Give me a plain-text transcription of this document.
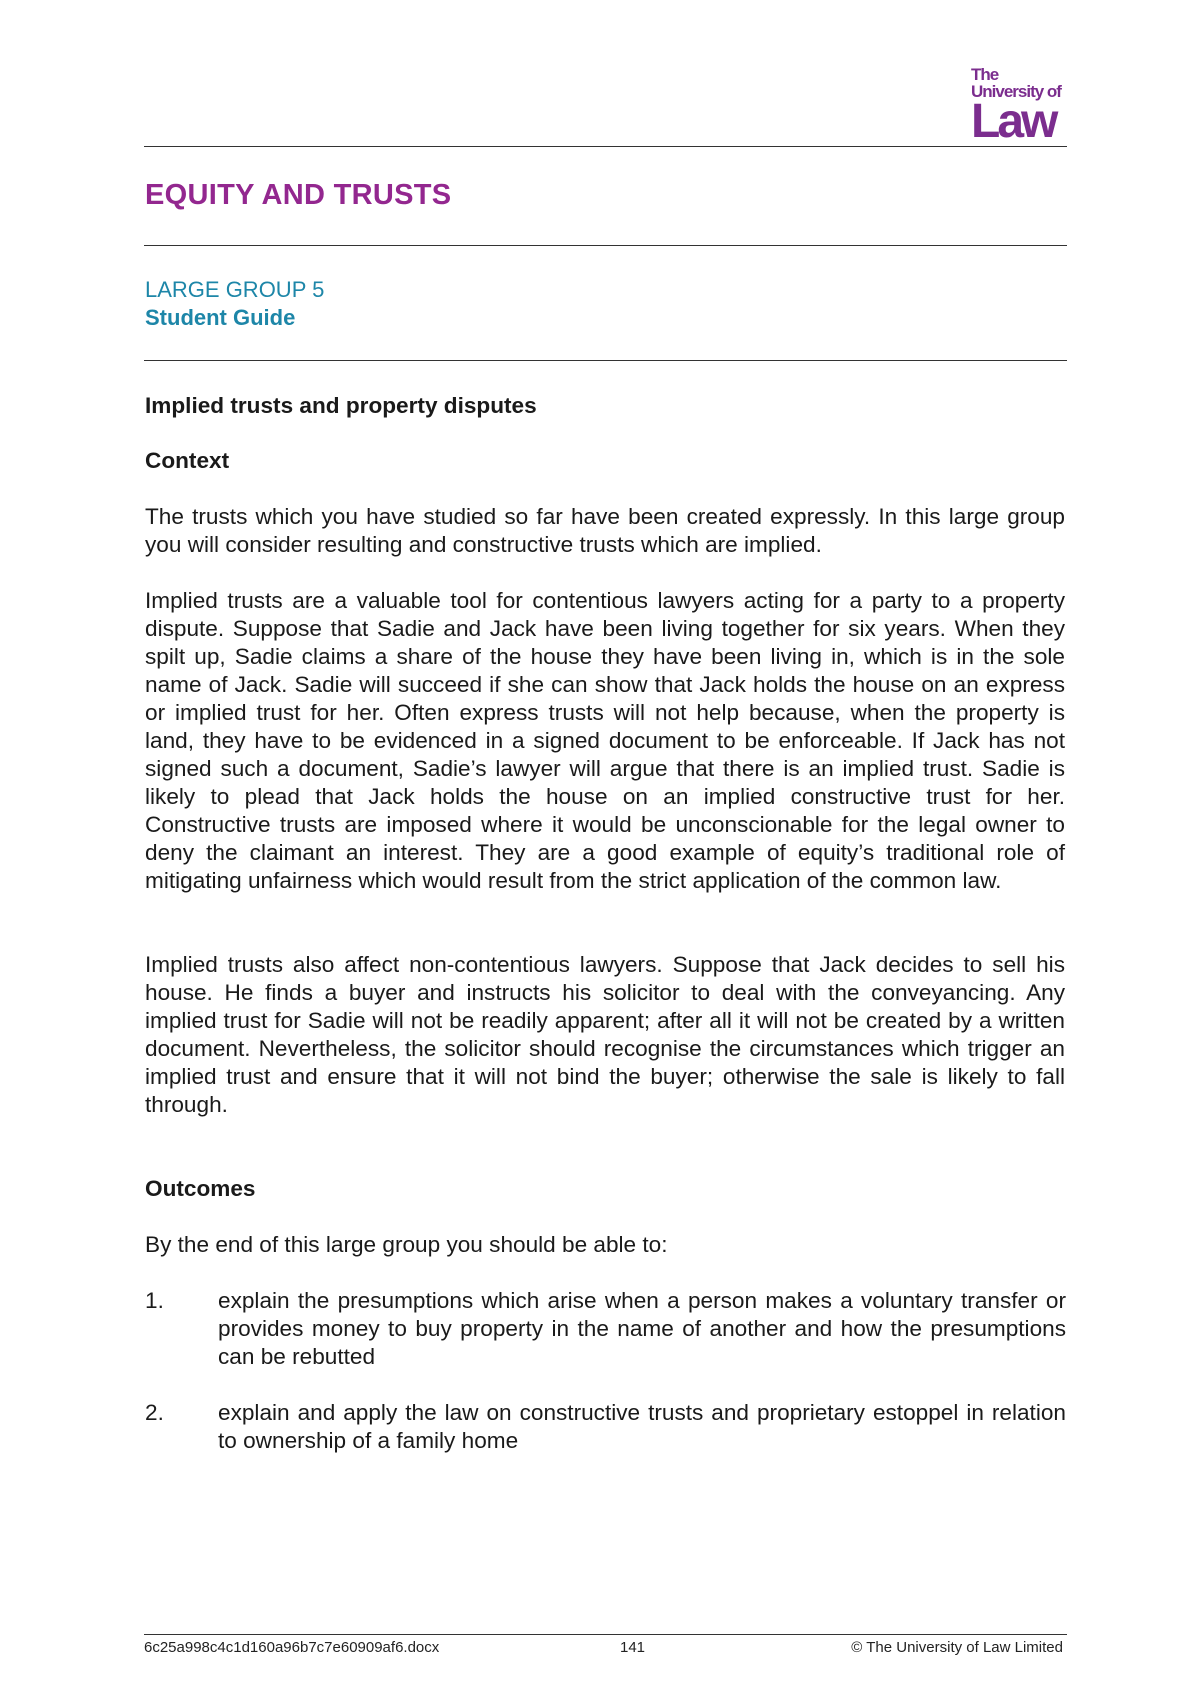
The
University of
Law
EQUITY AND TRUSTS
LARGE GROUP 5
Student Guide
Implied trusts and property disputes
Context

The trusts which you have studied so far have been created expressly. In this large group you will consider resulting and constructive trusts which are implied.

Implied trusts are a valuable tool for contentious lawyers acting for a party to a property dispute. Suppose that Sadie and Jack have been living together for six years. When they spilt up, Sadie claims a share of the house they have been living in, which is in the sole name of Jack. Sadie will succeed if she can show that Jack holds the house on an express or implied trust for her. Often express trusts will not help because, when the property is land, they have to be evidenced in a signed document to be enforceable. If Jack has not signed such a document, Sadie’s lawyer will argue that there is an implied trust. Sadie is likely to plead that Jack holds the house on an implied constructive trust for her. Constructive trusts are imposed where it would be unconscionable for the legal owner to deny the claimant an interest. They are a good example of equity’s traditional role of mitigating unfairness which would result from the strict application of the common law.

Implied trusts also affect non-contentious lawyers. Suppose that Jack decides to sell his house. He finds a buyer and instructs his solicitor to deal with the conveyancing. Any implied trust for Sadie will not be readily apparent; after all it will not be created by a written document. Nevertheless, the solicitor should recognise the circumstances which trigger an implied trust and ensure that it will not bind the buyer; otherwise the sale is likely to fall through.

Outcomes

By the end of this large group you should be able to:

1. explain the presumptions which arise when a person makes a voluntary transfer or provides money to buy property in the name of another and how the presumptions can be rebutted

2. explain and apply the law on constructive trusts and proprietary estoppel in relation to ownership of a family home

6c25a998c4c1d160a96b7c7e60909af6.docx	141	© The University of Law Limited
